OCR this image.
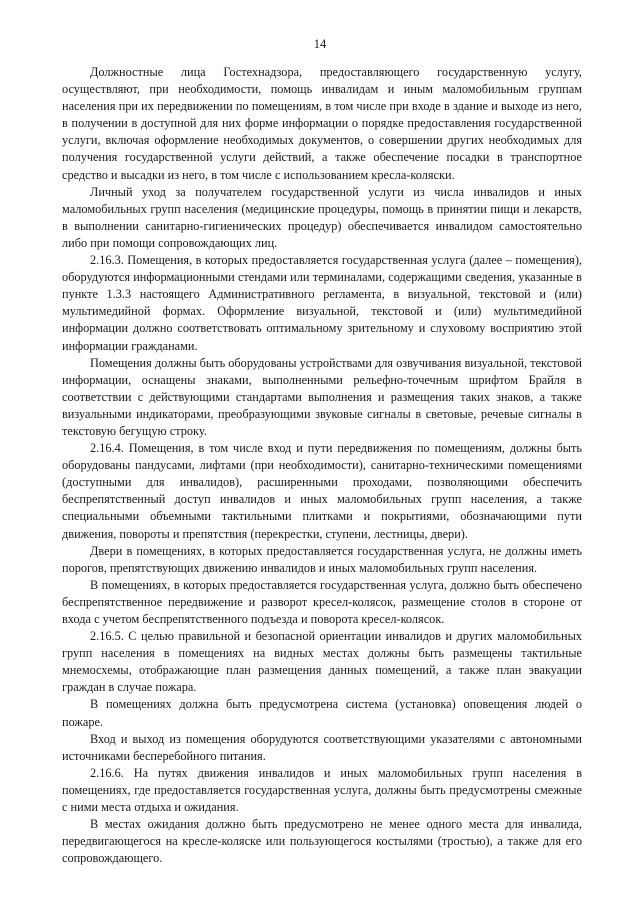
14

Должностные лица Гостехнадзора, предоставляющего государственную услугу, осуществляют, при необходимости, помощь инвалидам и иным маломобильным группам населения при их передвижении по помещениям, в том числе при входе в здание и выходе из него, в получении в доступной для них форме информации о порядке предоставления государственной услуги, включая оформление необходимых документов, о совершении других необходимых для получения государственной услуги действий, а также обеспечение посадки в транспортное средство и высадки из него, в том числе с использованием кресла-коляски.

Личный уход за получателем государственной услуги из числа инвалидов и иных маломобильных групп населения (медицинские процедуры, помощь в принятии пищи и лекарств, в выполнении санитарно-гигиенических процедур) обеспечивается инвалидом самостоятельно либо при помощи сопровождающих лиц.

2.16.3. Помещения, в которых предоставляется государственная услуга (далее – помещения), оборудуются информационными стендами или терминалами, содержащими сведения, указанные в пункте 1.3.3 настоящего Административного регламента, в визуальной, текстовой и (или) мультимедийной формах. Оформление визуальной, текстовой и (или) мультимедийной информации должно соответствовать оптимальному зрительному и слуховому восприятию этой информации гражданами.

Помещения должны быть оборудованы устройствами для озвучивания визуальной, текстовой информации, оснащены знаками, выполненными рельефно-точечным шрифтом Брайля в соответствии с действующими стандартами выполнения и размещения таких знаков, а также визуальными индикаторами, преобразующими звуковые сигналы в световые, речевые сигналы в текстовую бегущую строку.

2.16.4. Помещения, в том числе вход и пути передвижения по помещениям, должны быть оборудованы пандусами, лифтами (при необходимости), санитарно-техническими помещениями (доступными для инвалидов), расширенными проходами, позволяющими обеспечить беспрепятственный доступ инвалидов и иных маломобильных групп населения, а также специальными объемными тактильными плитками и покрытиями, обозначающими пути движения, повороты и препятствия (перекрестки, ступени, лестницы, двери).

Двери в помещениях, в которых предоставляется государственная услуга, не должны иметь порогов, препятствующих движению инвалидов и иных маломобильных групп населения.

В помещениях, в которых предоставляется государственная услуга, должно быть обеспечено беспрепятственное передвижение и разворот кресел-колясок, размещение столов в стороне от входа с учетом беспрепятственного подъезда и поворота кресел-колясок.

2.16.5. С целью правильной и безопасной ориентации инвалидов и других маломобильных групп населения в помещениях на видных местах должны быть размещены тактильные мнемосхемы, отображающие план размещения данных помещений, а также план эвакуации граждан в случае пожара.

В помещениях должна быть предусмотрена система (установка) оповещения людей о пожаре.

Вход и выход из помещения оборудуются соответствующими указателями с автономными источниками бесперебойного питания.

2.16.6. На путях движения инвалидов и иных маломобильных групп населения в помещениях, где предоставляется государственная услуга, должны быть предусмотрены смежные с ними места отдыха и ожидания.

В местах ожидания должно быть предусмотрено не менее одного места для инвалида, передвигающегося на кресле-коляске или пользующегося костылями (тростью), а также для его сопровождающего.
